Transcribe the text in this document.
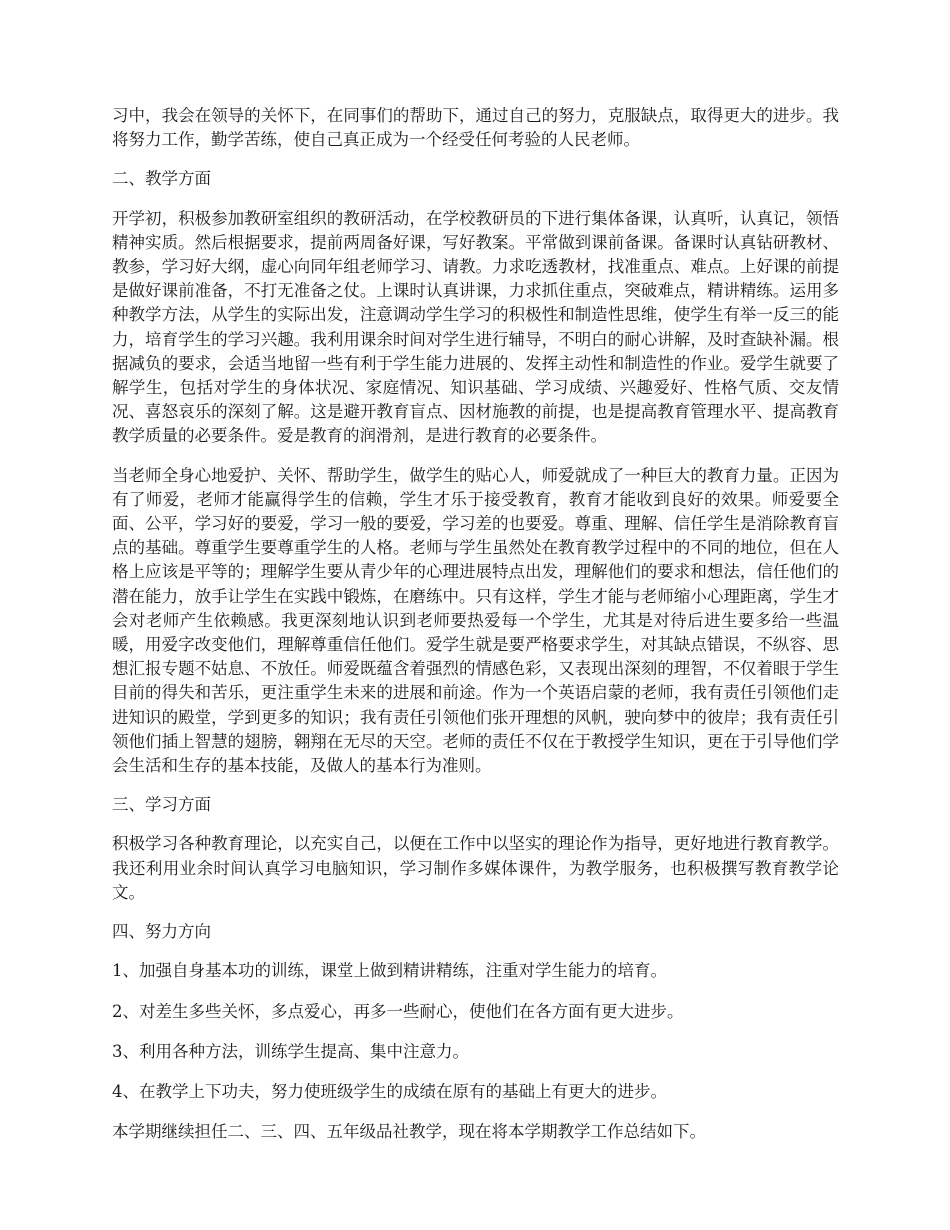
习中，我会在领导的关怀下，在同事们的帮助下，通过自己的努力，克服缺点，取得更大的进步。我将努力工作，勤学苦练，使自己真正成为一个经受任何考验的人民老师。

二、教学方面

开学初，积极参加教研室组织的教研活动，在学校教研员的下进行集体备课，认真听，认真记，领悟精神实质。然后根据要求，提前两周备好课，写好教案。平常做到课前备课。备课时认真钻研教材、教参，学习好大纲，虚心向同年组老师学习、请教。力求吃透教材，找准重点、难点。上好课的前提是做好课前准备，不打无准备之仗。上课时认真讲课，力求抓住重点，突破难点，精讲精练。运用多种教学方法，从学生的实际出发，注意调动学生学习的积极性和制造性思维，使学生有举一反三的能力，培育学生的学习兴趣。我利用课余时间对学生进行辅导，不明白的耐心讲解，及时查缺补漏。根据减负的要求，会适当地留一些有利于学生能力进展的、发挥主动性和制造性的作业。爱学生就要了解学生，包括对学生的身体状况、家庭情况、知识基础、学习成绩、兴趣爱好、性格气质、交友情况、喜怒哀乐的深刻了解。这是避开教育盲点、因材施教的前提，也是提高教育管理水平、提高教育教学质量的必要条件。爱是教育的润滑剂，是进行教育的必要条件。

当老师全身心地爱护、关怀、帮助学生，做学生的贴心人，师爱就成了一种巨大的教育力量。正因为有了师爱，老师才能赢得学生的信赖，学生才乐于接受教育，教育才能收到良好的效果。师爱要全面、公平，学习好的要爱，学习一般的要爱，学习差的也要爱。尊重、理解、信任学生是消除教育盲点的基础。尊重学生要尊重学生的人格。老师与学生虽然处在教育教学过程中的不同的地位，但在人格上应该是平等的；理解学生要从青少年的心理进展特点出发，理解他们的要求和想法，信任他们的潜在能力，放手让学生在实践中锻炼，在磨练中。只有这样，学生才能与老师缩小心理距离，学生才会对老师产生依赖感。我更深刻地认识到老师要热爱每一个学生，尤其是对待后进生要多给一些温暖，用爱字改变他们，理解尊重信任他们。爱学生就是要严格要求学生，对其缺点错误，不纵容、思想汇报专题不姑息、不放任。师爱既蕴含着强烈的情感色彩，又表现出深刻的理智，不仅着眼于学生目前的得失和苦乐，更注重学生未来的进展和前途。作为一个英语启蒙的老师，我有责任引领他们走进知识的殿堂，学到更多的知识；我有责任引领他们张开理想的风帆，驶向梦中的彼岸；我有责任引领他们插上智慧的翅膀，翱翔在无尽的天空。老师的责任不仅在于教授学生知识，更在于引导他们学会生活和生存的基本技能，及做人的基本行为准则。

三、学习方面

积极学习各种教育理论，以充实自己，以便在工作中以坚实的理论作为指导，更好地进行教育教学。我还利用业余时间认真学习电脑知识，学习制作多媒体课件，为教学服务，也积极撰写教育教学论文。

四、努力方向

1、加强自身基本功的训练，课堂上做到精讲精练，注重对学生能力的培育。

2、对差生多些关怀，多点爱心，再多一些耐心，使他们在各方面有更大进步。

3、利用各种方法，训练学生提高、集中注意力。

4、在教学上下功夫，努力使班级学生的成绩在原有的基础上有更大的进步。

本学期继续担任二、三、四、五年级品社教学，现在将本学期教学工作总结如下。
